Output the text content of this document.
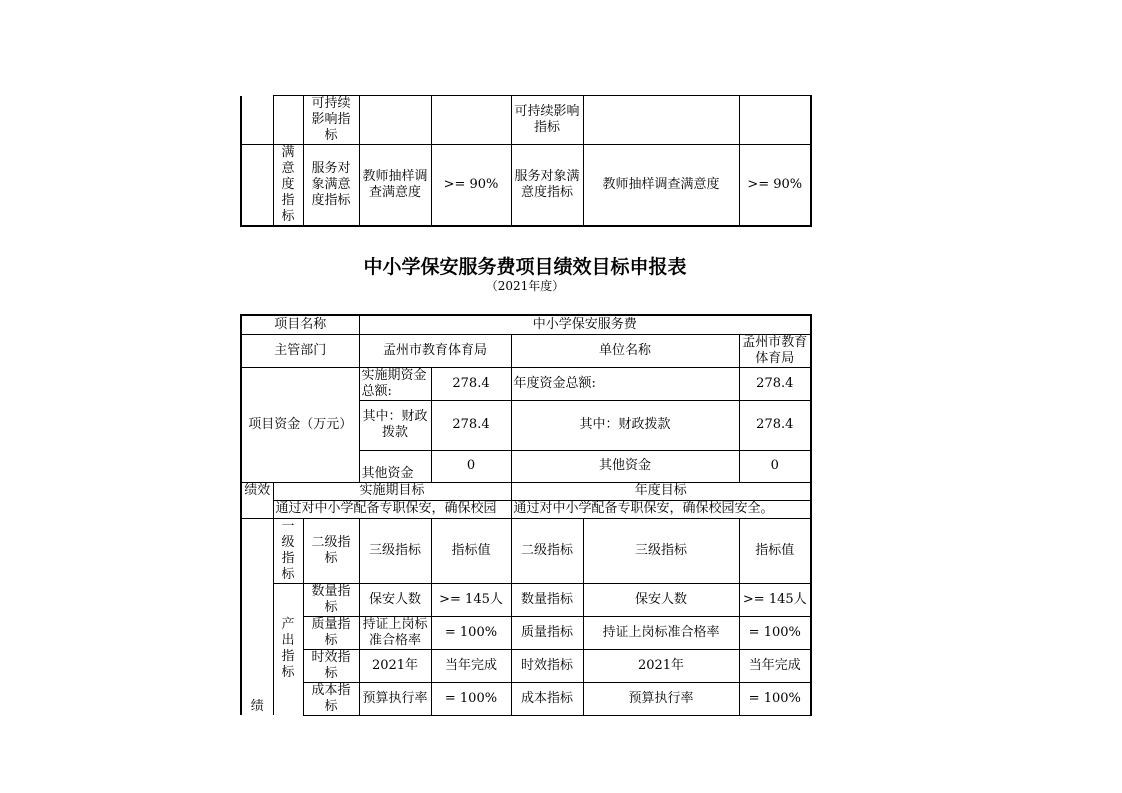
		可持续影响指标			可持续影响指标		
	满意度指标	服务对象满意度指标	教师抽样调查满意度	>= 90%	服务对象满意度指标	教师抽样调查满意度	>= 90%
中小学保安服务费项目绩效目标申报表
（2021年度）
项目名称			中小学保安服务费				
主管部门			孟州市教育体育局		单位名称		孟州市教育体育局
项目资金（万元）			实施期资金总额:	278.4	年度资金总额:		278.4
			其中：财政拨款	278.4	其中：财政拨款		278.4
			其他资金	0	其他资金		0
绩效	实施期目标				年度目标		
	通过对中小学配备专职保安，确保校园				通过对中小学配备专职保安，确保校园安全。		
绩	一级指标	二级指标	三级指标	指标值	二级指标	三级指标	指标值
	产出指标	数量指标	保安人数	>= 145人	数量指标	保安人数	>= 145人
		质量指标	持证上岗标准合格率	= 100%	质量指标	持证上岗标准合格率	= 100%
		时效指标	2021年	当年完成	时效指标	2021年	当年完成
		成本指标	预算执行率	= 100%	成本指标	预算执行率	= 100%
